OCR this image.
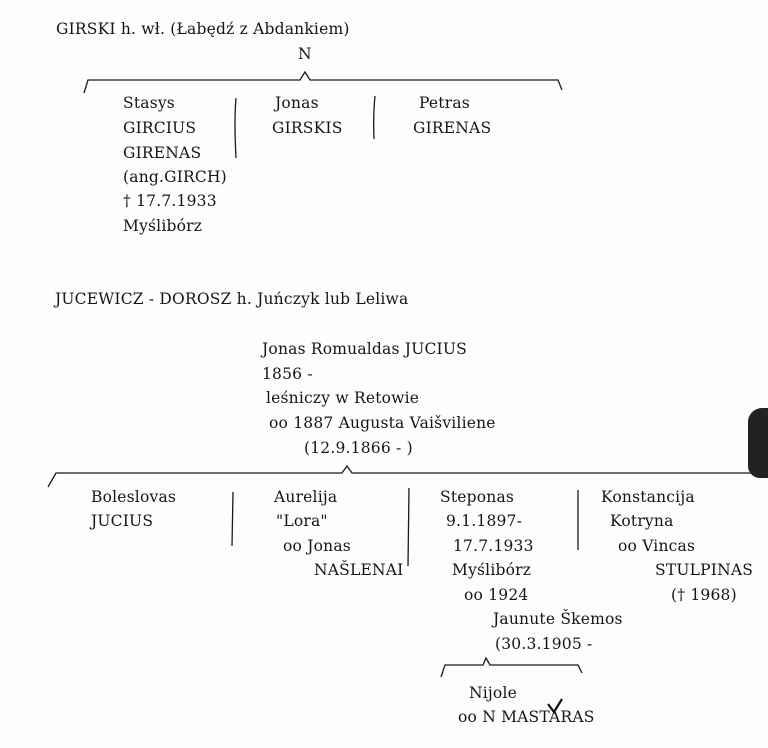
GIRSKI h. wł. (Łabędź z Abdankiem)
N
Stasys
GIRCIUS
GIRENAS
(ang.GIRCH)
† 17.7.1933
Myślibórz
Jonas
GIRSKIS
Petras
GIRENAS
JUCEWICZ - DOROSZ h. Juńczyk lub Leliwa
Jonas Romualdas JUCIUS
1856 -
leśniczy w Retowie
oo 1887 Augusta Vaišviliene
(12.9.1866 - )
Boleslovas
JUCIUS
Aurelija
"Lora"
oo Jonas
NAŠLENAI
Steponas
9.1.1897-
17.7.1933
Myślibórz
oo 1924
Jaunute Škemos
(30.3.1905 -
Konstancija
Kotryna
oo Vincas
STULPINAS
(† 1968)
Nijole
oo N MASTARAS
